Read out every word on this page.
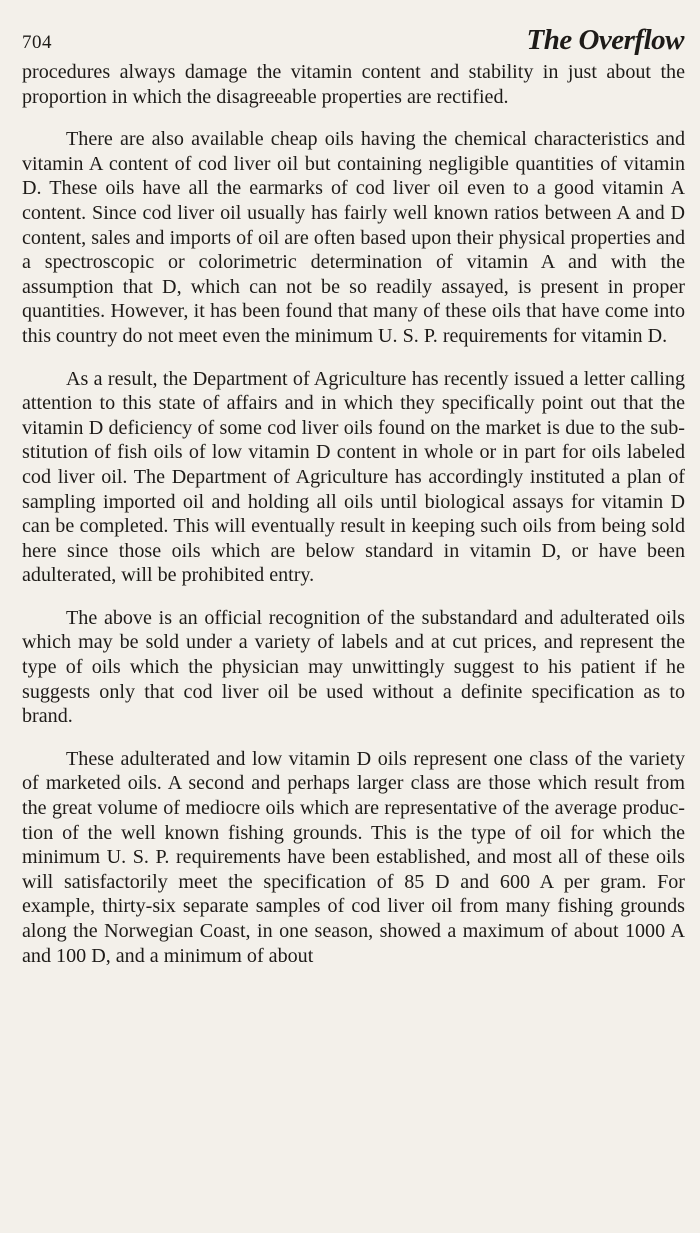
704	The Overflow

procedures always damage the vitamin content and stability in just about the proportion in which the disagreeable properties are rectified.

There are also available cheap oils having the chemical characteristics and vitamin A content of cod liver oil but containing negligible quantities of vitamin D. These oils have all the earmarks of cod liver oil even to a good vitamin A content. Since cod liver oil usually has fairly well known ratios between A and D content, sales and imports of oil are often based upon their physical properties and a spectroscopic or colorimetric determination of vitamin A and with the assumption that D, which can not be so readily assayed, is present in proper quantities. However, it has been found that many of these oils that have come into this country do not meet even the minimum U. S. P. requirements for vitamin D.

As a result, the Department of Agriculture has recently issued a letter calling attention to this state of affairs and in which they specifically point out that the vitamin D deficiency of some cod liver oils found on the market is due to the substitution of fish oils of low vitamin D content in whole or in part for oils labeled cod liver oil. The Department of Agriculture has accordingly instituted a plan of sampling imported oil and holding all oils until biological assays for vitamin D can be completed. This will eventually result in keeping such oils from being sold here since those oils which are below standard in vitamin D, or have been adulterated, will be prohibited entry.

The above is an official recognition of the substandard and adulterated oils which may be sold under a variety of labels and at cut prices, and represent the type of oils which the physician may unwittingly suggest to his patient if he suggests only that cod liver oil be used without a definite specification as to brand.

These adulterated and low vitamin D oils represent one class of the variety of marketed oils. A second and perhaps larger class are those which result from the great volume of mediocre oils which are representative of the average production of the well known fishing grounds. This is the type of oil for which the minimum U. S. P. requirements have been established, and most all of these oils will satisfactorily meet the specification of 85 D and 600 A per gram. For example, thirty-six separate samples of cod liver oil from many fishing grounds along the Norwegian Coast, in one season, showed a maximum of about 1000 A and 100 D, and a minimum of about
